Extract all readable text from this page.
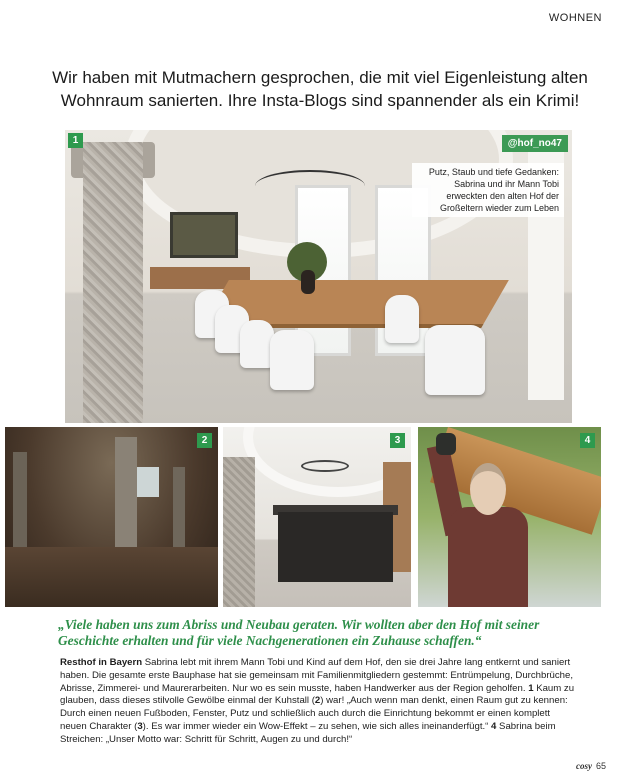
WOHNEN
Wir haben mit Mutmachern gesprochen, die mit viel Eigenleistung alten Wohnraum sanierten. Ihre Insta-Blogs sind spannender als ein Krimi!
1	@hof_no47
Putz, Staub und tiefe Gedanken: Sabrina und ihr Mann Tobi erweckten den alten Hof der Großeltern wieder zum Leben
2	3	4
„Viele haben uns zum Abriss und Neubau geraten. Wir wollten aber den Hof mit seiner Geschichte erhalten und für viele Nachgenerationen ein Zuhause schaffen.“
Resthof in Bayern Sabrina lebt mit ihrem Mann Tobi und Kind auf dem Hof, den sie drei Jahre lang entkernt und saniert haben. Die gesamte erste Bauphase hat sie gemeinsam mit Familienmitgliedern gestemmt: Entrümpelung, Durchbrüche, Abrisse, Zimmerei- und Maurerarbeiten. Nur wo es sein musste, haben Handwerker aus der Region geholfen. 1 Kaum zu glauben, dass dieses stilvolle Gewölbe einmal der Kuhstall (2) war! „Auch wenn man denkt, einen Raum gut zu kennen: Durch einen neuen Fußboden, Fenster, Putz und schließlich auch durch die Einrichtung bekommt er einen komplett neuen Charakter (3). Es war immer wieder ein Wow-Effekt – zu sehen, wie sich alles ineinanderfügt.“ 4 Sabrina beim Streichen: „Unser Motto war: Schritt für Schritt, Augen zu und durch!“
cosy 65
